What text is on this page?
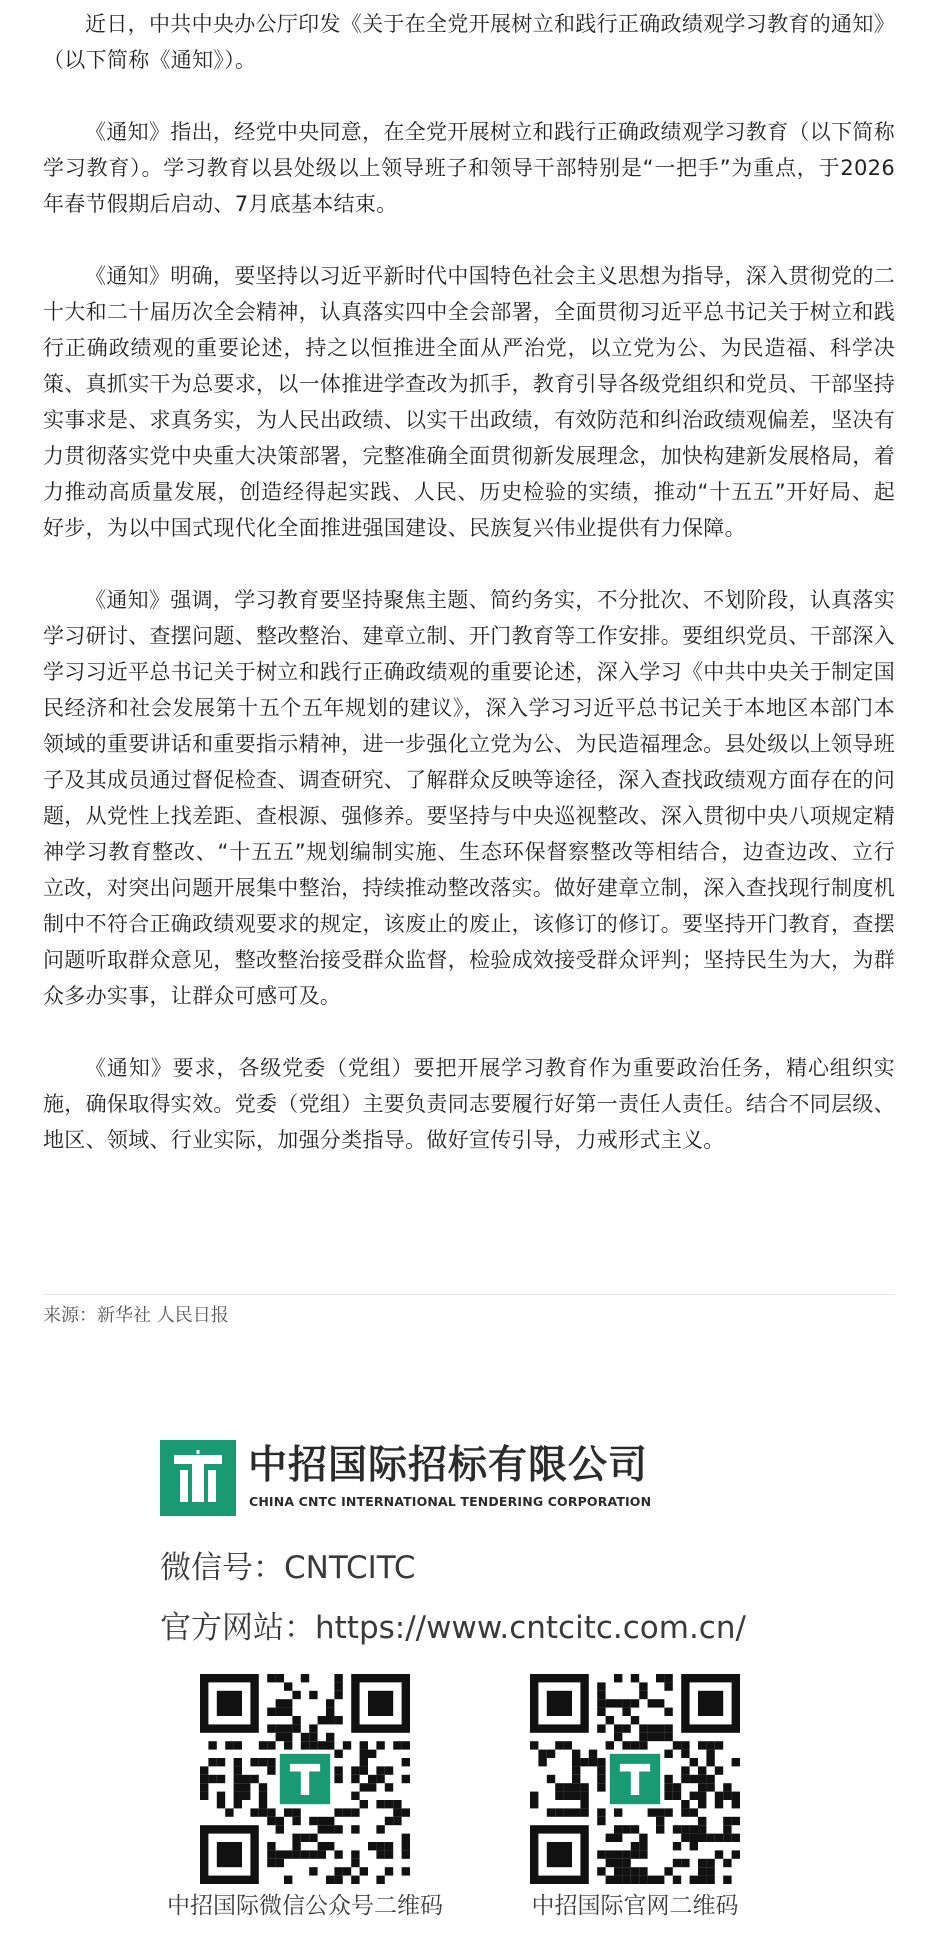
近日，中共中央办公厅印发《关于在全党开展树立和践行正确政绩观学习教育的通知》（以下简称《通知》）。

《通知》指出，经党中央同意，在全党开展树立和践行正确政绩观学习教育（以下简称学习教育）。学习教育以县处级以上领导班子和领导干部特别是“一把手”为重点，于2026年春节假期后启动、7月底基本结束。

《通知》明确，要坚持以习近平新时代中国特色社会主义思想为指导，深入贯彻党的二十大和二十届历次全会精神，认真落实四中全会部署，全面贯彻习近平总书记关于树立和践行正确政绩观的重要论述，持之以恒推进全面从严治党，以立党为公、为民造福、科学决策、真抓实干为总要求，以一体推进学查改为抓手，教育引导各级党组织和党员、干部坚持实事求是、求真务实，为人民出政绩、以实干出政绩，有效防范和纠治政绩观偏差，坚决有力贯彻落实党中央重大决策部署，完整准确全面贯彻新发展理念，加快构建新发展格局，着力推动高质量发展，创造经得起实践、人民、历史检验的实绩，推动“十五五”开好局、起好步，为以中国式现代化全面推进强国建设、民族复兴伟业提供有力保障。

《通知》强调，学习教育要坚持聚焦主题、简约务实，不分批次、不划阶段，认真落实学习研讨、查摆问题、整改整治、建章立制、开门教育等工作安排。要组织党员、干部深入学习习近平总书记关于树立和践行正确政绩观的重要论述，深入学习《中共中央关于制定国民经济和社会发展第十五个五年规划的建议》，深入学习习近平总书记关于本地区本部门本领域的重要讲话和重要指示精神，进一步强化立党为公、为民造福理念。县处级以上领导班子及其成员通过督促检查、调查研究、了解群众反映等途径，深入查找政绩观方面存在的问题，从党性上找差距、查根源、强修养。要坚持与中央巡视整改、深入贯彻中央八项规定精神学习教育整改、“十五五”规划编制实施、生态环保督察整改等相结合，边查边改、立行立改，对突出问题开展集中整治，持续推动整改落实。做好建章立制，深入查找现行制度机制中不符合正确政绩观要求的规定，该废止的废止，该修订的修订。要坚持开门教育，查摆问题听取群众意见，整改整治接受群众监督，检验成效接受群众评判；坚持民生为大，为群众多办实事，让群众可感可及。

《通知》要求，各级党委（党组）要把开展学习教育作为重要政治任务，精心组织实施，确保取得实效。党委（党组）主要负责同志要履行好第一责任人责任。结合不同层级、地区、领域、行业实际，加强分类指导。做好宣传引导，力戒形式主义。

来源：新华社 人民日报
中招国际招标有限公司
CHINA CNTC INTERNATIONAL TENDERING CORPORATION
微信号：CNTCITC
官方网站：https://www.cntcitc.com.cn/
中招国际微信公众号二维码	中招国际官网二维码
